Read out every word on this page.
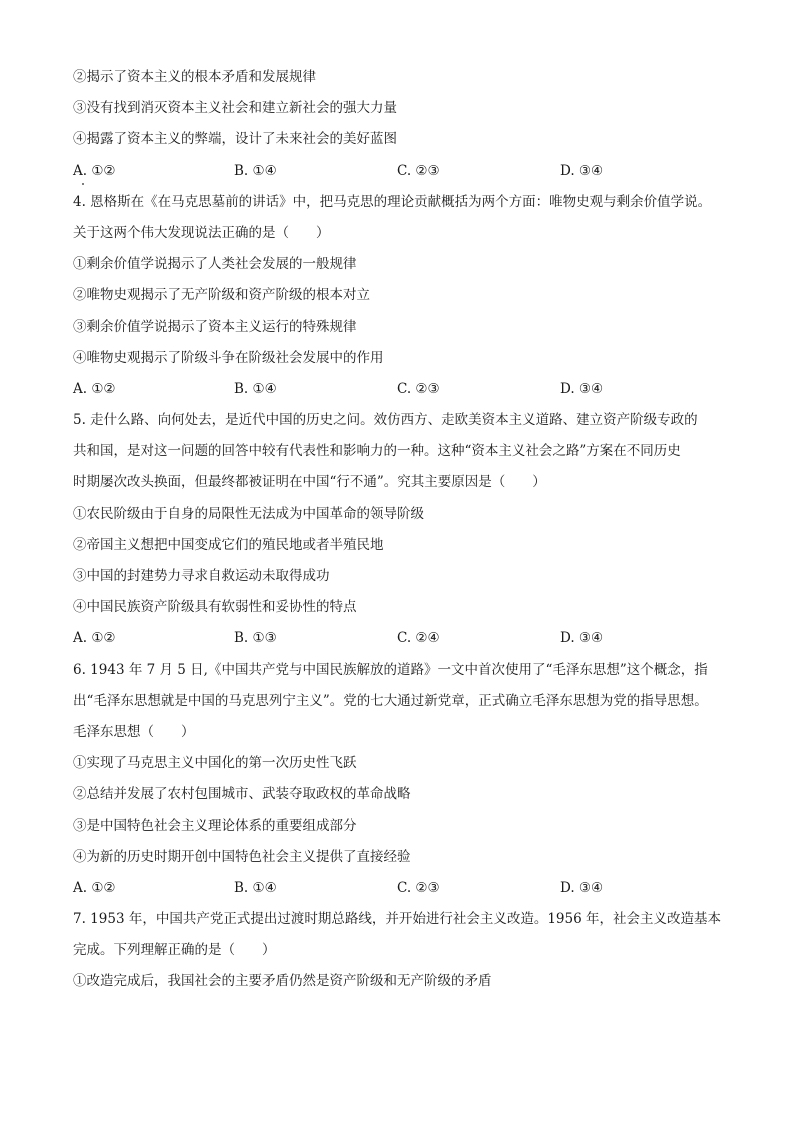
②揭示了资本主义的根本矛盾和发展规律
③没有找到消灭资本主义社会和建立新社会的强大力量
④揭露了资本主义的弊端，设计了未来社会的美好蓝图
A. ①②	B. ①④	C. ②③	D. ③④
4. 恩格斯在《在马克思墓前的讲话》中，把马克思的理论贡献概括为两个方面：唯物史观与剩余价值学说。
关于这两个伟大发现说法正确的是（　　）
①剩余价值学说揭示了人类社会发展的一般规律
②唯物史观揭示了无产阶级和资产阶级的根本对立
③剩余价值学说揭示了资本主义运行的特殊规律
④唯物史观揭示了阶级斗争在阶级社会发展中的作用
A. ①②	B. ①④	C. ②③	D. ③④
5. 走什么路、向何处去，是近代中国的历史之问。效仿西方、走欧美资本主义道路、建立资产阶级专政的
共和国，是对这一问题的回答中较有代表性和影响力的一种。这种“资本主义社会之路”方案在不同历史
时期屡次改头换面，但最终都被证明在中国“行不通”。究其主要原因是（　　）
①农民阶级由于自身的局限性无法成为中国革命的领导阶级
②帝国主义想把中国变成它们的殖民地或者半殖民地
③中国的封建势力寻求自救运动未取得成功
④中国民族资产阶级具有软弱性和妥协性的特点
A. ①②	B. ①③	C. ②④	D. ③④
6. 1943 年 7 月 5 日,《中国共产党与中国民族解放的道路》一文中首次使用了“毛泽东思想”这个概念，指
出“毛泽东思想就是中国的马克思列宁主义”。党的七大通过新党章，正式确立毛泽东思想为党的指导思想。
毛泽东思想（　　）
①实现了马克思主义中国化的第一次历史性飞跃
②总结并发展了农村包围城市、武装夺取政权的革命战略
③是中国特色社会主义理论体系的重要组成部分
④为新的历史时期开创中国特色社会主义提供了直接经验
A. ①②	B. ①④	C. ②③	D. ③④
7. 1953 年，中国共产党正式提出过渡时期总路线，并开始进行社会主义改造。1956 年，社会主义改造基本
完成。下列理解正确的是（　　）
①改造完成后，我国社会的主要矛盾仍然是资产阶级和无产阶级的矛盾
